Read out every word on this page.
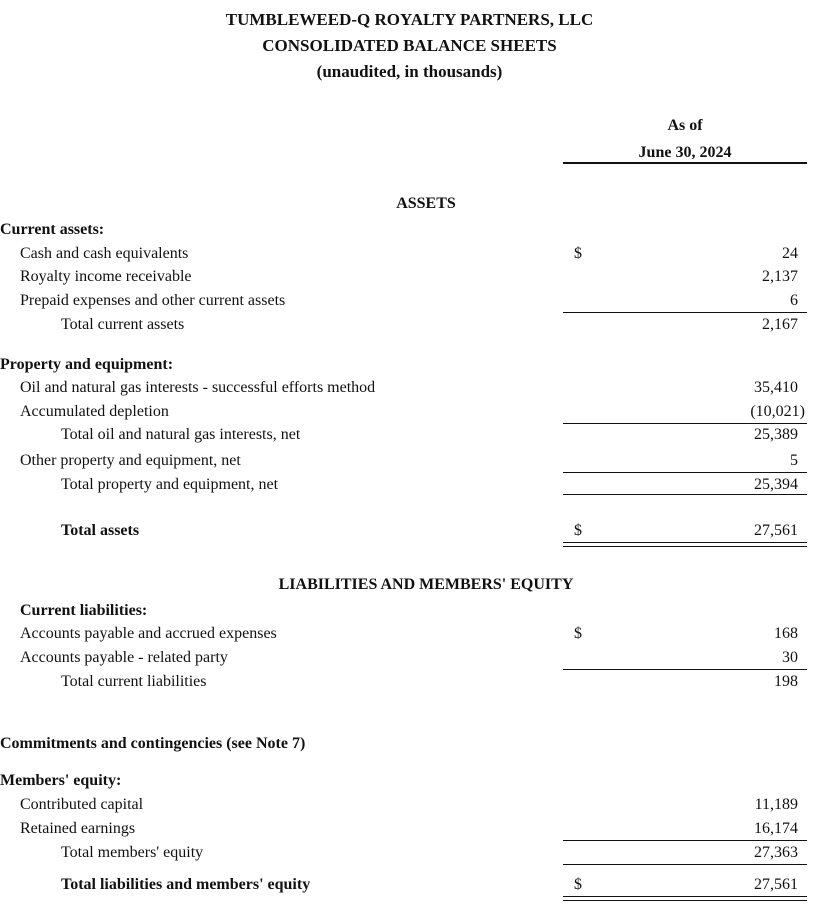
TUMBLEWEED-Q ROYALTY PARTNERS, LLC
CONSOLIDATED BALANCE SHEETS
(unaudited, in thousands)
As of
June 30, 2024
ASSETS
Current assets:
Cash and cash equivalents	$	24
Royalty income receivable	2,137
Prepaid expenses and other current assets	6
Total current assets	2,167
Property and equipment:
Oil and natural gas interests - successful efforts method	35,410
Accumulated depletion	(10,021)
Total oil and natural gas interests, net	25,389
Other property and equipment, net	5
Total property and equipment, net	25,394
Total assets	$	27,561
LIABILITIES AND MEMBERS' EQUITY
Current liabilities:
Accounts payable and accrued expenses	$	168
Accounts payable - related party	30
Total current liabilities	198
Commitments and contingencies (see Note 7)
Members' equity:
Contributed capital	11,189
Retained earnings	16,174
Total members' equity	27,363
Total liabilities and members' equity	$	27,561
